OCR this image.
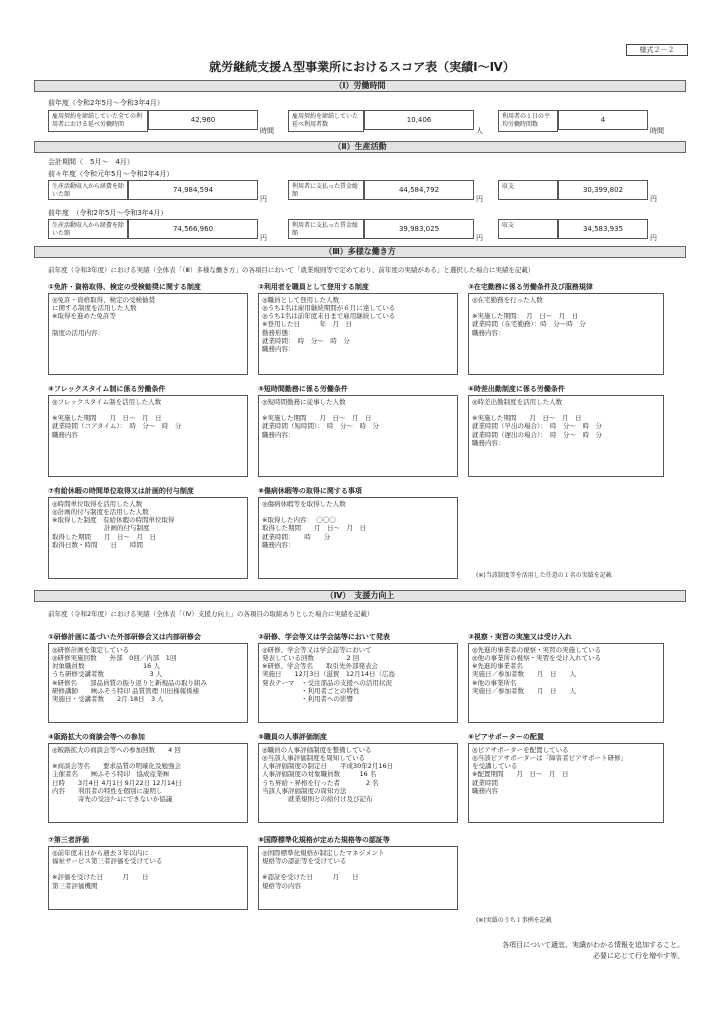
様式２－２
就労継続支援Ａ型事業所におけるスコア表（実績Ⅰ～Ⅳ）
（Ⅰ）労働時間
前年度（令和2年5月～令和3年4月）
雇用契約を締結していた全ての利用者における延べ労働時間	42,960
時間
雇用契約を締結していた延べ利用者数	10,406
人
利用者の１日の平均労働時間数	4
時間
（Ⅱ）生産活動
会計期間（　5月～　4月）
前々年度（令和元年5月～令和2年4月）
生産活動収入から経費を除いた額	74,984,594
円
利用者に支払った賃金総額	44,584,792
円
収支	30,399,802
円
前年度　（令和2年5月～令和3年4月）
生産活動収入から経費を除いた額	74,566,960
円
利用者に支払った賃金総額	39,983,025
円
収支	34,583,935
円
（Ⅲ）多様な働き方
前年度（令和3年度）における実績（全体表「（Ⅲ）多様な働き方」の各項目において「就業規則等で定めており、前年度の実績がある」と選択した場合に実績を記載）
①免許・資格取得、検定の受検勧奨に関する制度
◎免許・資格取得、検定の受検勧奨
に関する制度を活用した人数
※取得を進めた免許等

制度の活用内容：
②利用者を職員として登用する制度
◎職員として登用した人数
◎うち1名は雇用継続期間が６月に達している
◎うち1名は前年度末日まで雇用継続している
※登用した日　　　年　月　日
勤務形態：
就業時間：　時　分～　時　分
職務内容：
③在宅勤務に係る労働条件及び服務規律
◎在宅勤務を行った人数

※実施した期間：　月　日～　月　日
就業時間（在宅勤務）：時　分～時　分
職務内容：
④フレックスタイム制に係る労働条件
◎フレックスタイム制を活用した人数

※実施した期間　　月　日～　月　日
就業時間（コアタイム）：　時　分～　時　分
職務内容
⑤短時間勤務に係る労働条件
◎短時間勤務に従事した人数

※実施した期間　　月　日～　月　日
就業時間（短時間）：　時　分～　時　分
職務内容：
⑥時差出勤制度に係る労働条件
◎時差出勤制度を活用した人数

※実施した期間　　月　日～　月　日
就業時間（早出の場合）：　時　分～　時　分
就業時間（遅出の場合）：　時　分～　時　分
職務内容：
⑦有給休暇の時間単位取得又は計画的付与制度
◎時間単位取得を活用した人数
◎計画的付与制度を活用した人数
※取得した制度　有給休暇の時間単位取得
　　　　　　　　計画的付与制度
取得した期間　　月　日～　月　日
取得日数・時間　　日　　時間
⑧傷病休暇等の取得に関する事項
◎傷病休暇等を取得した人数

※取得した内容：　〇〇〇
取得した期間　　月　日～　月　日
就業時間：　　時　　分
職務内容：
(※)当該制度等を活用した任意の１名の実績を記載
（Ⅳ）　支援力向上
前年度（令和2年度）における実績（全体表「（Ⅳ）支援力向上」の各項目の取組ありとした場合に実績を記載）
①研修計画に基づいた外部研修会又は内部研修会
◎研修計画を策定している
◎研修実施回数　　外部　0回／内部　1回
対象職員数　　　　　　　　　16 人
うち研修受講者数　　　　　　　3 人
※研修名　　部品員質の振り返りと新規品の取り組み
研修講師　　㈱ふそう特印 品質管理 川田様報係様
実施日・受講者数　　2月 18日　3 人
②研修、学会等又は学会誌等において発表
◎研修、学会等又は学会誌等において
発表している回数　　　　　2 回
※研修、学会等名　　取引先外部発表会
実施日　　12月3日（滋賀　12月14日（広島
発表テーマ　・受注部品の支援への活用状況
　　　　　　・利用者ごとの特性
　　　　　　・利用者への影響
③視察・実習の実施又は受け入れ
◎先進的事業者の視察・実習の実施している
◎他の事業所の視察・実習を受け入れている
※先進的事業者名
実施日／参加者数　　月　日　　人
※他の事業所名
実施日／参加者数　　月　日　　人
④販路拡大の商談会等への参加
◎販路拡大の商談会等への参加回数　　4 回

※商談会等名　　要求品質の明確化及勉強会
主催者名　　㈱ふそう特印　協成産業㈱
日時　　3月4日 4月1日 9月22日 12月14日
内容　　利用者の特性を個別に説明し
　　　　寄先の受注ﾃｰﾑにできないか協議
⑤職員の人事評価制度
◎職員の人事評価制度を整備している
◎当該人事評価制度を周知している
人事評価制度の制定日　　平成30年2月16日
人事評価制度の対象職員数　　　16 名
うち昇給・昇格を行った者　　　　2 名
当該人事評価制度の周知方法
　　　　就業規則との給付け及び記布
⑥ピアサポーターの配置
◎ピアサポーターを配置している
◎当該ピアサポーターは「障害者ピアサポート研修」
を受講している
※配置期間　　月　日～　月　日
就業時間
職務内容
⑦第三者評価
◎前年度末日から過去３年以内に
福祉サービス第三者評価を受けている

※評価を受けた日　　　月　　日
第三者評価機関
⑧国際標準化規格が定めた規格等の認証等
◎国際標準化規格が制定したマネジメント
規格等の認証等を受けている

※認証を受けた日　　　月　　日
規格等の内容
(※)実績のうち１事例を記載
各項目について適宜、実績がわかる情報を追加すること。
必要に応じて行を増やす等。
